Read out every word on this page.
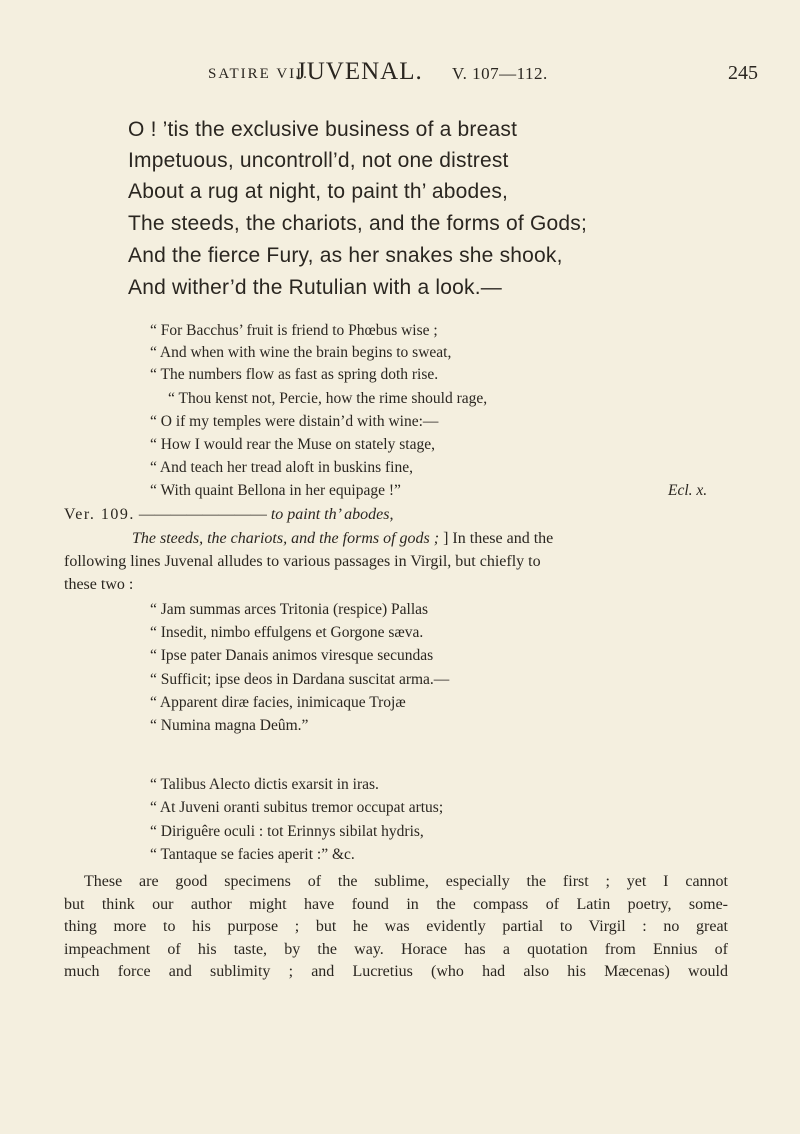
SATIRE VII.
JUVENAL. V. 107—112.	245
O ! ’tis the exclusive business of a breast
Impetuous, uncontroll’d, not one distrest
About a rug at night, to paint th’ abodes,
The steeds, the chariots, and the forms of Gods;
And the fierce Fury, as her snakes she shook,
And wither’d the Rutulian with a look.—
“ For Bacchus’ fruit is friend to Phœbus wise ;
“ And when with wine the brain begins to sweat,
“ The numbers flow as fast as spring doth rise.
“ Thou kenst not, Percie, how the rime should rage,
“ O if my temples were distain’d with wine:—
“ How I would rear the Muse on stately stage,
“ And teach her tread aloft in buskins fine,
“ With quaint Bellona in her equipage !”	Ecl. x.
Ver. 109. ———————— to paint th’ abodes,
The steeds, the chariots, and the forms of gods ; ] In these and the
following lines Juvenal alludes to various passages in Virgil, but chiefly to
these two :
“ Jam summas arces Tritonia (respice) Pallas
“ Insedit, nimbo effulgens et Gorgone sæva.
“ Ipse pater Danais animos viresque secundas
“ Sufficit; ipse deos in Dardana suscitat arma.—
“ Apparent diræ facies, inimicaque Trojæ
“ Numina magna Deûm.”
“ Talibus Alecto dictis exarsit in iras.
“ At Juveni oranti subitus tremor occupat artus;
“ Diriguêre oculi : tot Erinnys sibilat hydris,
“ Tantaque se facies aperit :” &c.
These are good specimens of the sublime, especially the first ; yet I cannot
but think our author might have found in the compass of Latin poetry, some-
thing more to his purpose ; but he was evidently partial to Virgil : no great
impeachment of his taste, by the way. Horace has a quotation from Ennius of
much force and sublimity ; and Lucretius (who had also his Mæcenas) would
